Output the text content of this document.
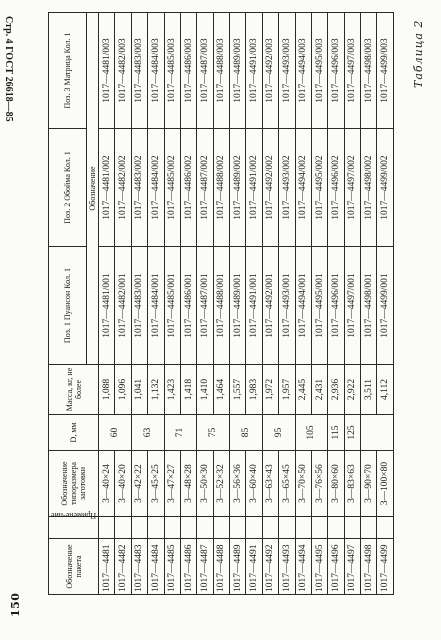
150
Таблица 2
Обозначение пакета	Примене-ние	Обозначение типоразмера заготовки	D, мм	Масса, кг, не более	Поз. 1 Пуансон Кол. 1	Поз. 2 Обойма Кол. 1	Поз. 3 Матрица Кол. 1
					Обозначение		
1017—4481		3—40×24	60	1,088	1017—4481/001	1017—4481/002	1017—4481/003
1017—4482		3—40×20		1,096	1017—4482/001	1017—4482/002	1017—4482/003
1017—4483		3—42×22	63	1,041	1017—4483/001	1017—4483/002	1017—4483/003
1017—4484		3—45×25		1,132	1017—4484/001	1017—4484/002	1017—4484/003
1017—4485		3—47×27	71	1,423	1017—4485/001	1017—4485/002	1017—4485/003
1017—4486		3—48×28		1,418	1017—4486/001	1017—4486/002	1017—4486/003
1017—4487		3—50×30	75	1,410	1017—4487/001	1017—4487/002	1017—4487/003
1017—4488		3—52×32		1,464	1017—4488/001	1017—4488/002	1017—4488/003
1017—4489		3—56×36	85	1,557	1017—4489/001	1017—4489/002	1017—4489/003
1017—4491		3—60×40		1,983	1017—4491/001	1017—4491/002	1017—4491/003
1017—4492		3—63×43	95	1,972	1017—4492/001	1017—4492/002	1017—4492/003
1017—4493		3—65×45		1,957	1017—4493/001	1017—4493/002	1017—4493/003
1017—4494		3—70×50	105	2,445	1017—4494/001	1017—4494/002	1017—4494/003
1017—4495		3—76×56		2,431	1017—4495/001	1017—4495/002	1017—4495/003
1017—4496		3—80×60	115	2,936	1017—4496/001	1017—4496/002	1017—4496/003
1017—4497		3—83×63	125	2,922	1017—4497/001	1017—4497/002	1017—4497/003
1017—4498		3—90×70		3,511	1017—4498/001	1017—4498/002	1017—4498/003
1017—4499		3—100×80		4,112	1017—4499/001	1017—4499/002	1017—4499/003
Стр. 4 ГОСТ 26618—85
